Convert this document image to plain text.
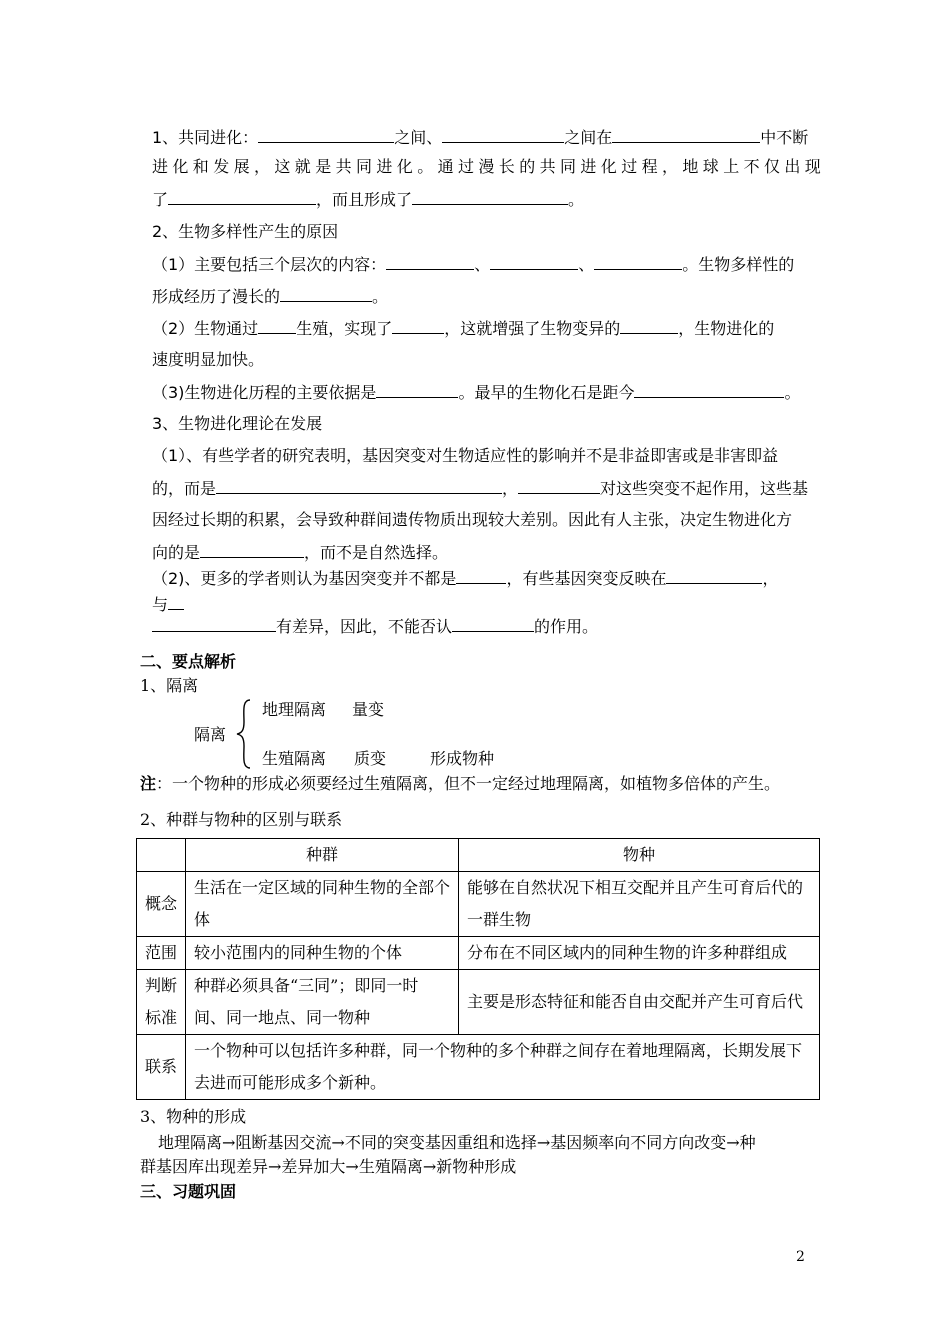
1、共同进化：	之间、	之间在	中不断
进化和发展，这就是共同进化。通过漫长的共同进化过程，地球上不仅出现
了	，而且形成了	。
2、生物多样性产生的原因
（1）主要包括三个层次的内容：	、	、	。生物多样性的
形成经历了漫长的	。
（2）生物通过 生殖，实现了	，这就增强了生物变异的	，生物进化的
速度明显加快。
（3)生物进化历程的主要依据是	。最早的生物化石是距今	。
3、生物进化理论在发展
（1）、有些学者的研究表明，基因突变对生物适应性的影响并不是非益即害或是非害即益
的，而是	，	对这些突变不起作用，这些基
因经过长期的积累，会导致种群间遗传物质出现较大差别。因此有人主张，决定生物进化方
向的是	，而不是自然选择。
（2)、更多的学者则认为基因突变并不都是	，有些基因突变反映在	，
与
有差异，因此，不能否认	的作用。
二、要点解析
1、隔离
地理隔离 量变
隔离
生殖隔离 质变	形成物种
注：一个物种的形成必须要经过生殖隔离，但不一定经过地理隔离，如植物多倍体的产生。
2、种群与物种的区别与联系
	种群	物种
概念	生活在一定区域的同种生物的全部个体	能够在自然状况下相互交配并且产生可育后代的一群生物
范围	较小范围内的同种生物的个体	分布在不同区域内的同种生物的许多种群组成
判断标准	种群必须具备“三同”；即同一时间、同一地点、同一物种	主要是形态特征和能否自由交配并产生可育后代
联系	一个物种可以包括许多种群，同一个物种的多个种群之间存在着地理隔离，长期发展下去进而可能形成多个新种。	
3、物种的形成
地理隔离→阻断基因交流→不同的突变基因重组和选择→基因频率向不同方向改变→种
群基因库出现差异→差异加大→生殖隔离→新物种形成
三、习题巩固
2
